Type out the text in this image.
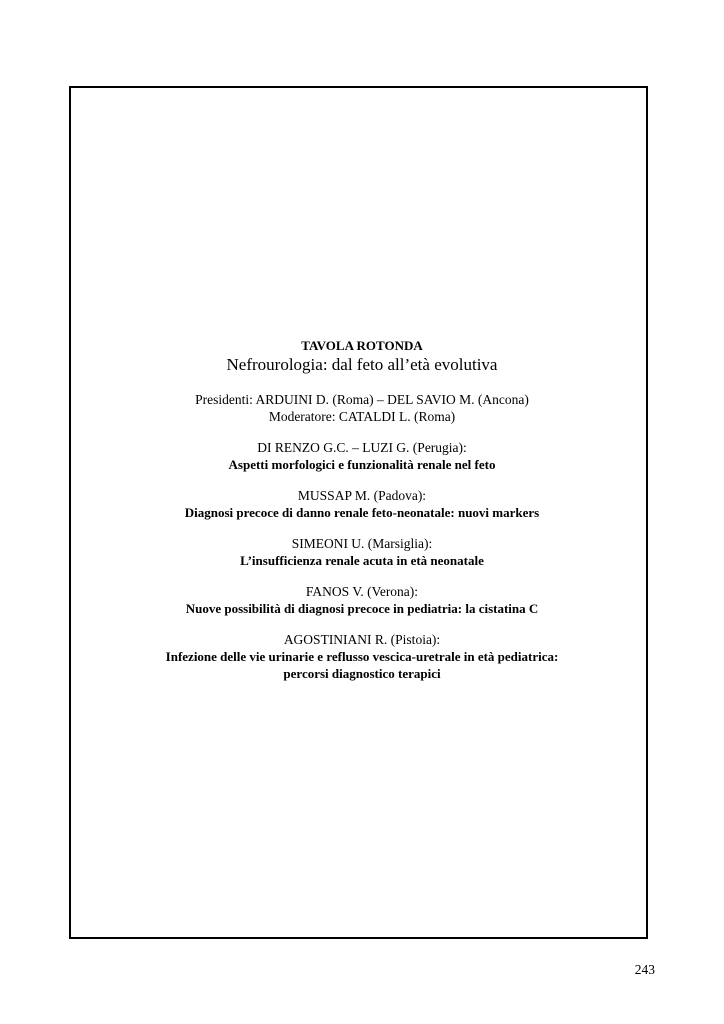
TAVOLA ROTONDA
Nefrourologia: dal feto all’età evolutiva
Presidenti: ARDUINI D. (Roma) – DEL SAVIO M. (Ancona)
Moderatore: CATALDI L. (Roma)
DI RENZO G.C. – LUZI G. (Perugia):
Aspetti morfologici e funzionalità renale nel feto
MUSSAP M. (Padova):
Diagnosi precoce di danno renale feto-neonatale: nuovi markers
SIMEONI U. (Marsiglia):
L’insufficienza renale acuta in età neonatale
FANOS V. (Verona):
Nuove possibilità di diagnosi precoce in pediatria: la cistatina C
AGOSTINIANI R. (Pistoia):
Infezione delle vie urinarie e reflusso vescica-uretrale in età pediatrica:
percorsi diagnostico terapici
243
